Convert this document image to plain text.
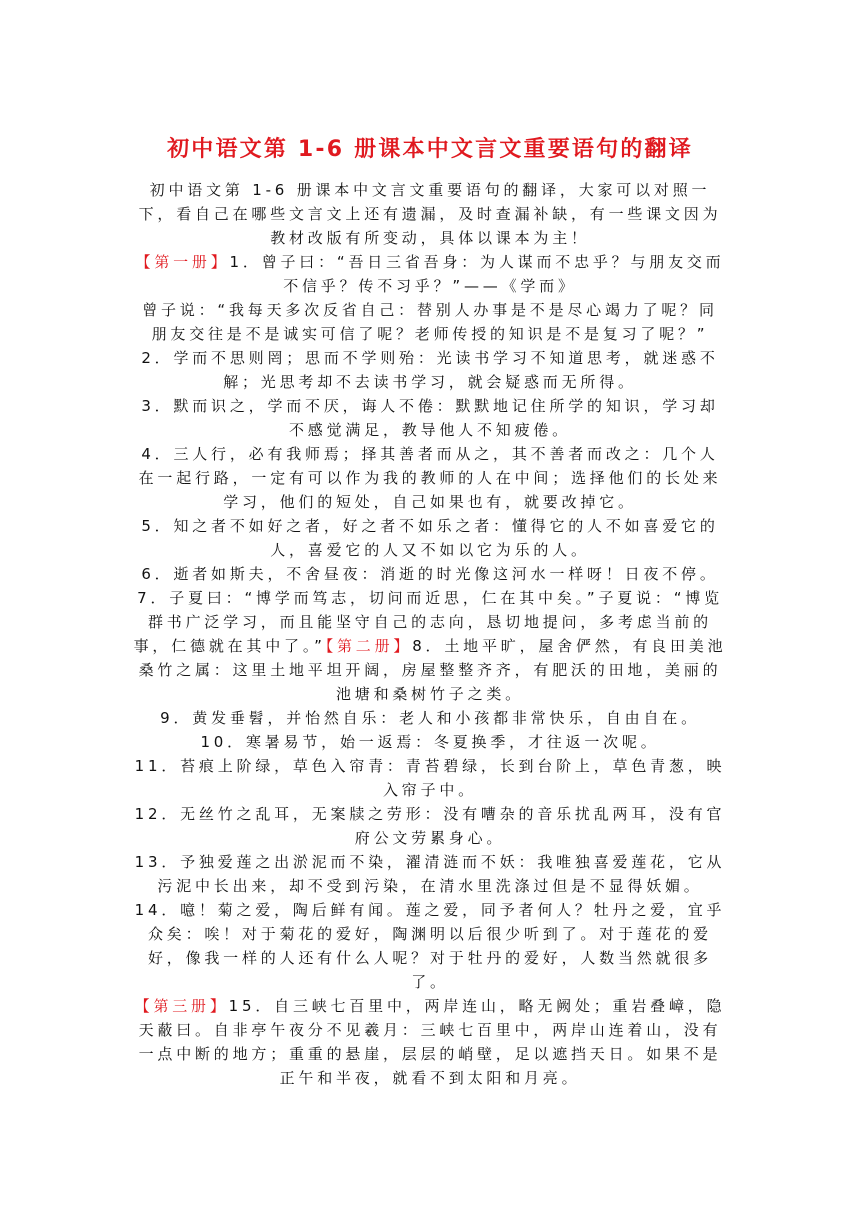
初中语文第 1-6 册课本中文言文重要语句的翻译

初中语文第 1-6 册课本中文言文重要语句的翻译，大家可以对照一下，看自己在哪些文言文上还有遗漏，及时查漏补缺，有一些课文因为教材改版有所变动，具体以课本为主！

【第一册】1．曾子曰：“吾日三省吾身：为人谋而不忠乎？与朋友交而不信乎？传不习乎？”——《学而》

曾子说：“我每天多次反省自己：替别人办事是不是尽心竭力了呢？同朋友交往是不是诚实可信了呢？老师传授的知识是不是复习了呢？”

2．学而不思则罔；思而不学则殆：光读书学习不知道思考，就迷惑不解；光思考却不去读书学习，就会疑惑而无所得。

3．默而识之，学而不厌，诲人不倦：默默地记住所学的知识，学习却不感觉满足，教导他人不知疲倦。

4．三人行，必有我师焉；择其善者而从之，其不善者而改之：几个人在一起行路，一定有可以作为我的教师的人在中间；选择他们的长处来学习，他们的短处，自己如果也有，就要改掉它。

5．知之者不如好之者，好之者不如乐之者：懂得它的人不如喜爱它的人，喜爱它的人又不如以它为乐的人。

6．逝者如斯夫，不舍昼夜：消逝的时光像这河水一样呀！日夜不停。

7．子夏曰：“博学而笃志，切问而近思，仁在其中矣。”子夏说：“博览群书广泛学习，而且能坚守自己的志向，恳切地提问，多考虑当前的事，仁德就在其中了。”【第二册】8．土地平旷，屋舍俨然，有良田美池桑竹之属：这里土地平坦开阔，房屋整整齐齐，有肥沃的田地，美丽的池塘和桑树竹子之类。

9．黄发垂髫，并怡然自乐：老人和小孩都非常快乐，自由自在。

10．寒暑易节，始一返焉：冬夏换季，才往返一次呢。

11．苔痕上阶绿，草色入帘青：青苔碧绿，长到台阶上，草色青葱，映入帘子中。

12．无丝竹之乱耳，无案牍之劳形：没有嘈杂的音乐扰乱两耳，没有官府公文劳累身心。

13．予独爱莲之出淤泥而不染，濯清涟而不妖：我唯独喜爱莲花，它从污泥中长出来，却不受到污染，在清水里洗涤过但是不显得妖媚。

14．噫！菊之爱，陶后鲜有闻。莲之爱，同予者何人？牡丹之爱，宜乎众矣：唉！对于菊花的爱好，陶渊明以后很少听到了。对于莲花的爱好，像我一样的人还有什么人呢？对于牡丹的爱好，人数当然就很多了。

【第三册】15．自三峡七百里中，两岸连山，略无阙处；重岩叠嶂，隐天蔽曰。自非亭午夜分不见羲月：三峡七百里中，两岸山连着山，没有一点中断的地方；重重的悬崖，层层的峭壁，足以遮挡天日。如果不是正午和半夜，就看不到太阳和月亮。
